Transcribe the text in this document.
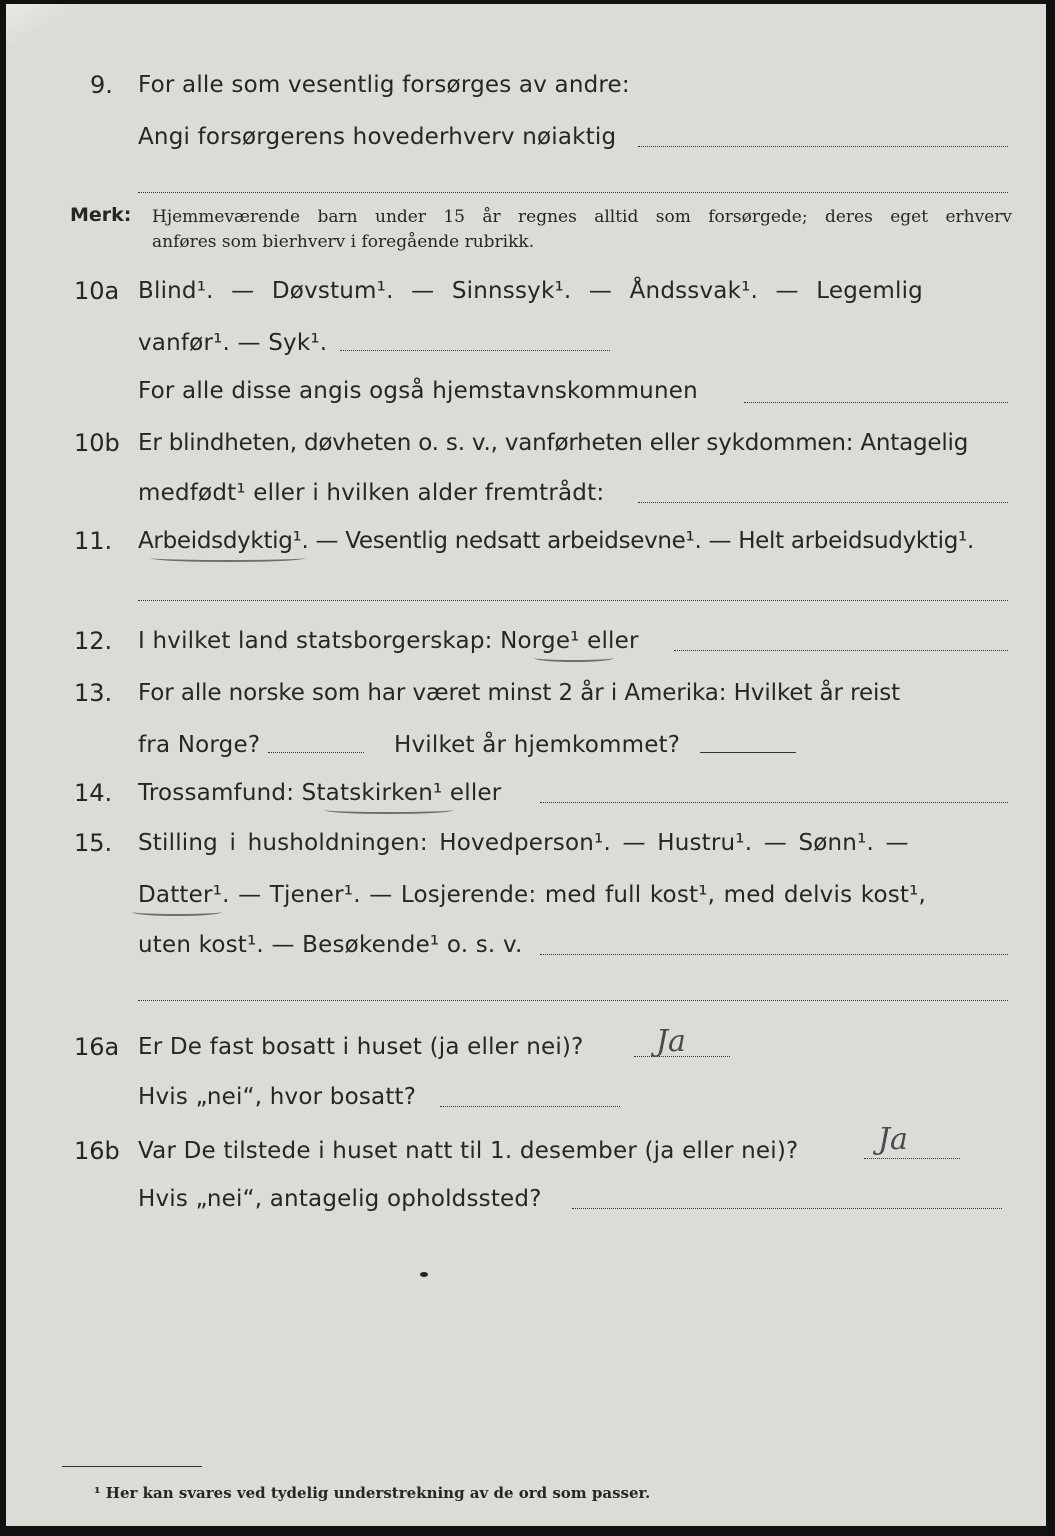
9. For alle som vesentlig forsørges av andre:
Angi forsørgerens hovederhverv nøiaktig
Merk: Hjemmeværende barn under 15 år regnes alltid som forsørgede; deres eget erhverv
anføres som bierhverv i foregående rubrikk.
10a Blind¹. — Døvstum¹. — Sinnssyk¹. — Åndssvak¹. — Legemlig
vanfør¹. — Syk¹.
For alle disse angis også hjemstavnskommunen
10b Er blindheten, døvheten o. s. v., vanførheten eller sykdommen: Antagelig
medfødt¹ eller i hvilken alder fremtrådt:
11. Arbeidsdyktig¹. — Vesentlig nedsatt arbeidsevne¹. — Helt arbeidsudyktig¹.
12. I hvilket land statsborgerskap: Norge¹ eller
13. For alle norske som har været minst 2 år i Amerika: Hvilket år reist
fra Norge?	Hvilket år hjemkommet?
14. Trossamfund: Statskirken¹ eller
15. Stilling i husholdningen: Hovedperson¹. — Hustru¹. — Sønn¹. —
Datter¹. — Tjener¹. — Losjerende: med full kost¹, med delvis kost¹,
uten kost¹. — Besøkende¹ o. s. v.
16a Er De fast bosatt i huset (ja eller nei)? Ja
Hvis „nei“, hvor bosatt?
16b Var De tilstede i huset natt til 1. desember (ja eller nei)?	Ja
Hvis „nei“, antagelig opholdssted?
¹ Her kan svares ved tydelig understrekning av de ord som passer.
